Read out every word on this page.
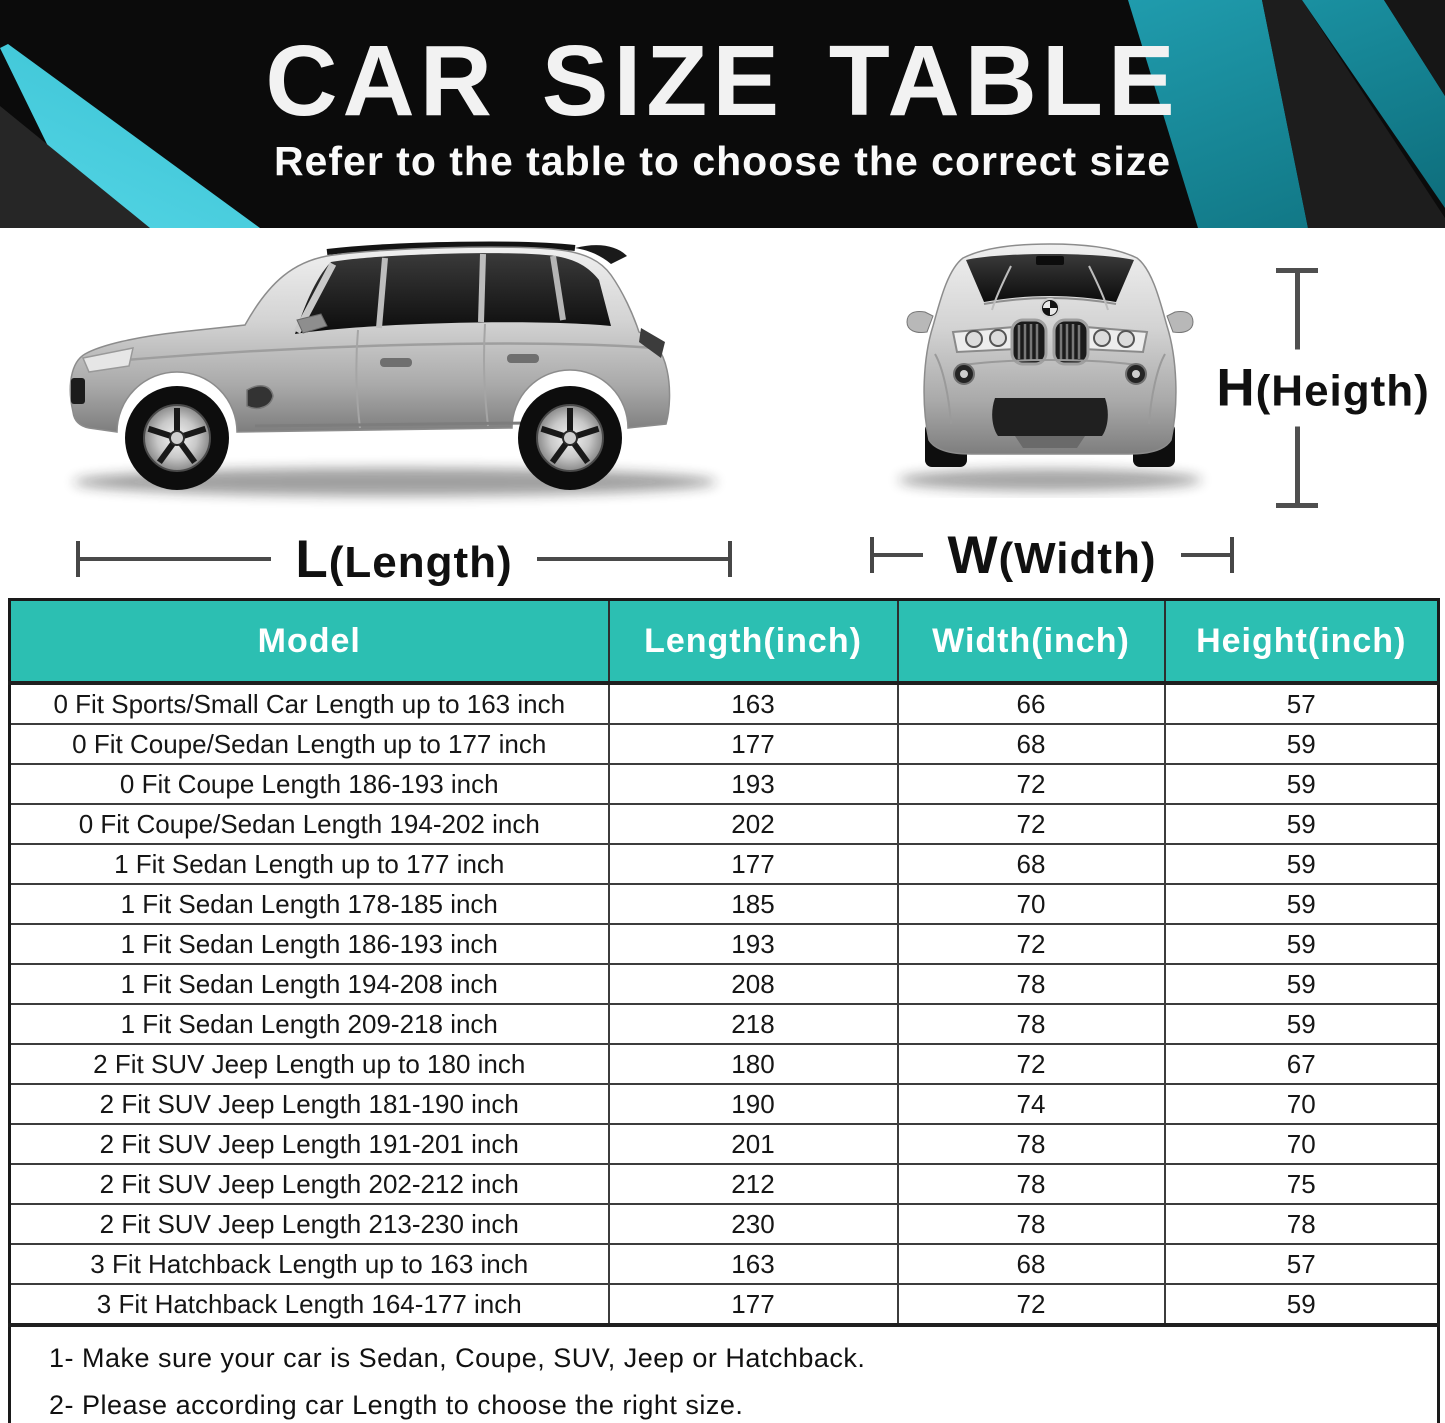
CAR SIZE TABLE

Refer to the table to choose the correct size

L(Length)	W(Width)
H(Heigth)
Model	Length(inch)	Width(inch)	Height(inch)
0 Fit Sports/Small Car Length up to 163 inch	163	66	57
0 Fit Coupe/Sedan Length up to 177 inch	177	68	59
0 Fit Coupe Length 186-193 inch	193	72	59
0 Fit Coupe/Sedan Length 194-202 inch	202	72	59
1 Fit Sedan Length up to 177 inch	177	68	59
1 Fit Sedan Length 178-185 inch	185	70	59
1 Fit Sedan Length 186-193 inch	193	72	59
1 Fit Sedan Length 194-208 inch	208	78	59
1 Fit Sedan Length 209-218 inch	218	78	59
2 Fit SUV Jeep Length up to 180 inch	180	72	67
2 Fit SUV Jeep Length 181-190 inch	190	74	70
2 Fit SUV Jeep Length 191-201 inch	201	78	70
2 Fit SUV Jeep Length 202-212 inch	212	78	75
2 Fit SUV Jeep Length 213-230 inch	230	78	78
3 Fit Hatchback Length up to 163 inch	163	68	57
3 Fit Hatchback Length 164-177 inch	177	72	59

1- Make sure your car is Sedan, Coupe, SUV, Jeep or Hatchback.

2- Please according car Length to choose the right size.			
